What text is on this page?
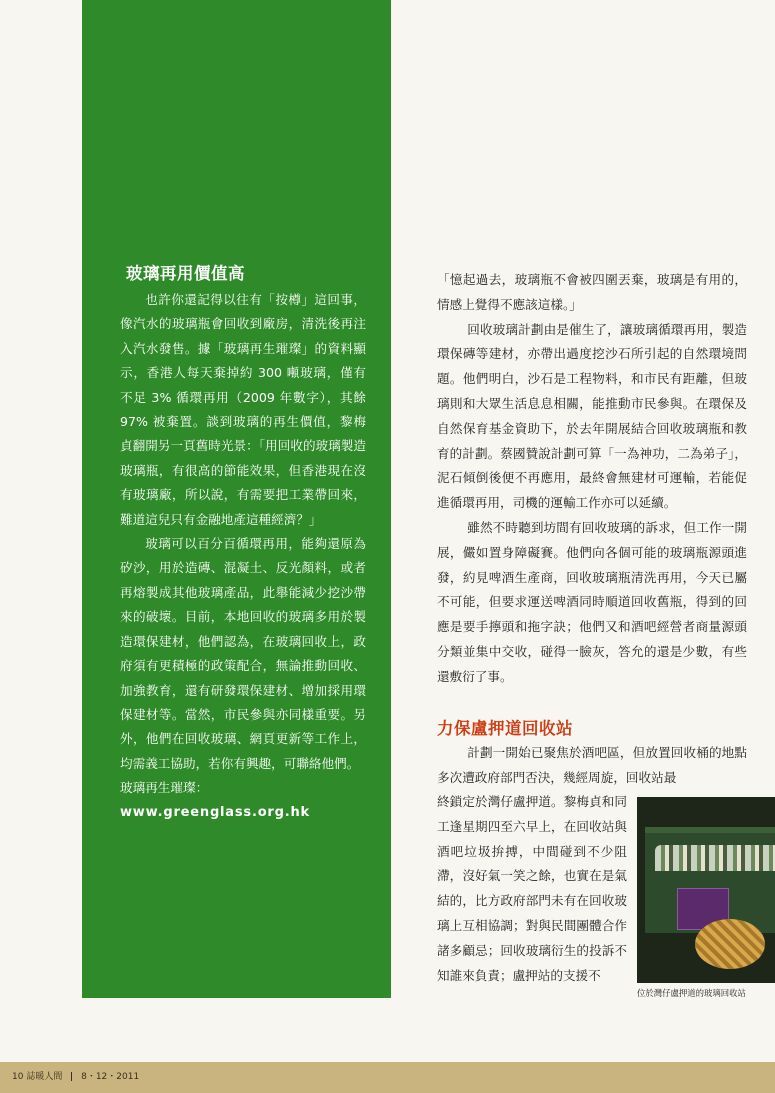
玻璃再用價值高

也許你還記得以往有「按樽」這回事，像汽水的玻璃瓶會回收到廠房，清洗後再注入汽水發售。據「玻璃再生璀璨」的資料顯示，香港人每天棄掉約 300 噸玻璃，僅有不足 3% 循環再用（2009 年數字），其餘 97% 被棄置。談到玻璃的再生價值，黎梅貞翻開另一頁舊時光景：「用回收的玻璃製造玻璃瓶，有很高的節能效果，但香港現在沒有玻璃廠，所以說，有需要把工業帶回來，難道這兒只有金融地產這種經濟？」

玻璃可以百分百循環再用，能夠還原為矽沙，用於造磚、混凝土、反光顏料，或者再熔製成其他玻璃產品，此舉能減少挖沙帶來的破壞。目前，本地回收的玻璃多用於製造環保建材，他們認為，在玻璃回收上，政府須有更積極的政策配合，無論推動回收、加強教育，還有研發環保建材、增加採用環保建材等。當然，市民參與亦同樣重要。另外，他們在回收玻璃、網頁更新等工作上，均需義工協助，若你有興趣，可聯絡他們。

玻璃再生璀璨：

www.greenglass.org.hk

「憶起過去，玻璃瓶不會被四圍丟棄，玻璃是有用的，情感上覺得不應該這樣。」

回收玻璃計劃由是催生了，讓玻璃循環再用，製造環保磚等建材，亦帶出過度挖沙石所引起的自然環境問題。他們明白，沙石是工程物料，和市民有距離，但玻璃則和大眾生活息息相關，能推動市民參與。在環保及自然保育基金資助下，於去年開展結合回收玻璃瓶和教育的計劃。蔡國贊說計劃可算「一為神功，二為弟子」，泥石傾倒後便不再應用，最終會無建材可運輸，若能促進循環再用，司機的運輸工作亦可以延續。

雖然不時聽到坊間有回收玻璃的訴求，但工作一開展，儼如置身障礙賽。他們向各個可能的玻璃瓶源頭進發，約見啤酒生產商，回收玻璃瓶清洗再用，今天已屬不可能，但要求運送啤酒同時順道回收舊瓶，得到的回應是要手擰頭和拖字訣；他們又和酒吧經營者商量源頭分類並集中交收，碰得一臉灰，答允的還是少數，有些還敷衍了事。

力保盧押道回收站

計劃一開始已聚焦於酒吧區，但放置回收桶的地點多次遭政府部門否決，幾經周旋，回收站最

終鎖定於灣仔盧押道。黎梅貞和同工逢星期四至六早上，在回收站與酒吧垃圾拚搏，中間碰到不少阻滯，沒好氣一笑之餘，也實在是氣結的，比方政府部門未有在回收玻璃上互相協調；對與民間團體合作諸多顧忌；回收玻璃衍生的投訴不知誰來負責；盧押站的支援不

位於灣仔盧押道的玻璃回收站
10 誌暖人間 8・12・2011
